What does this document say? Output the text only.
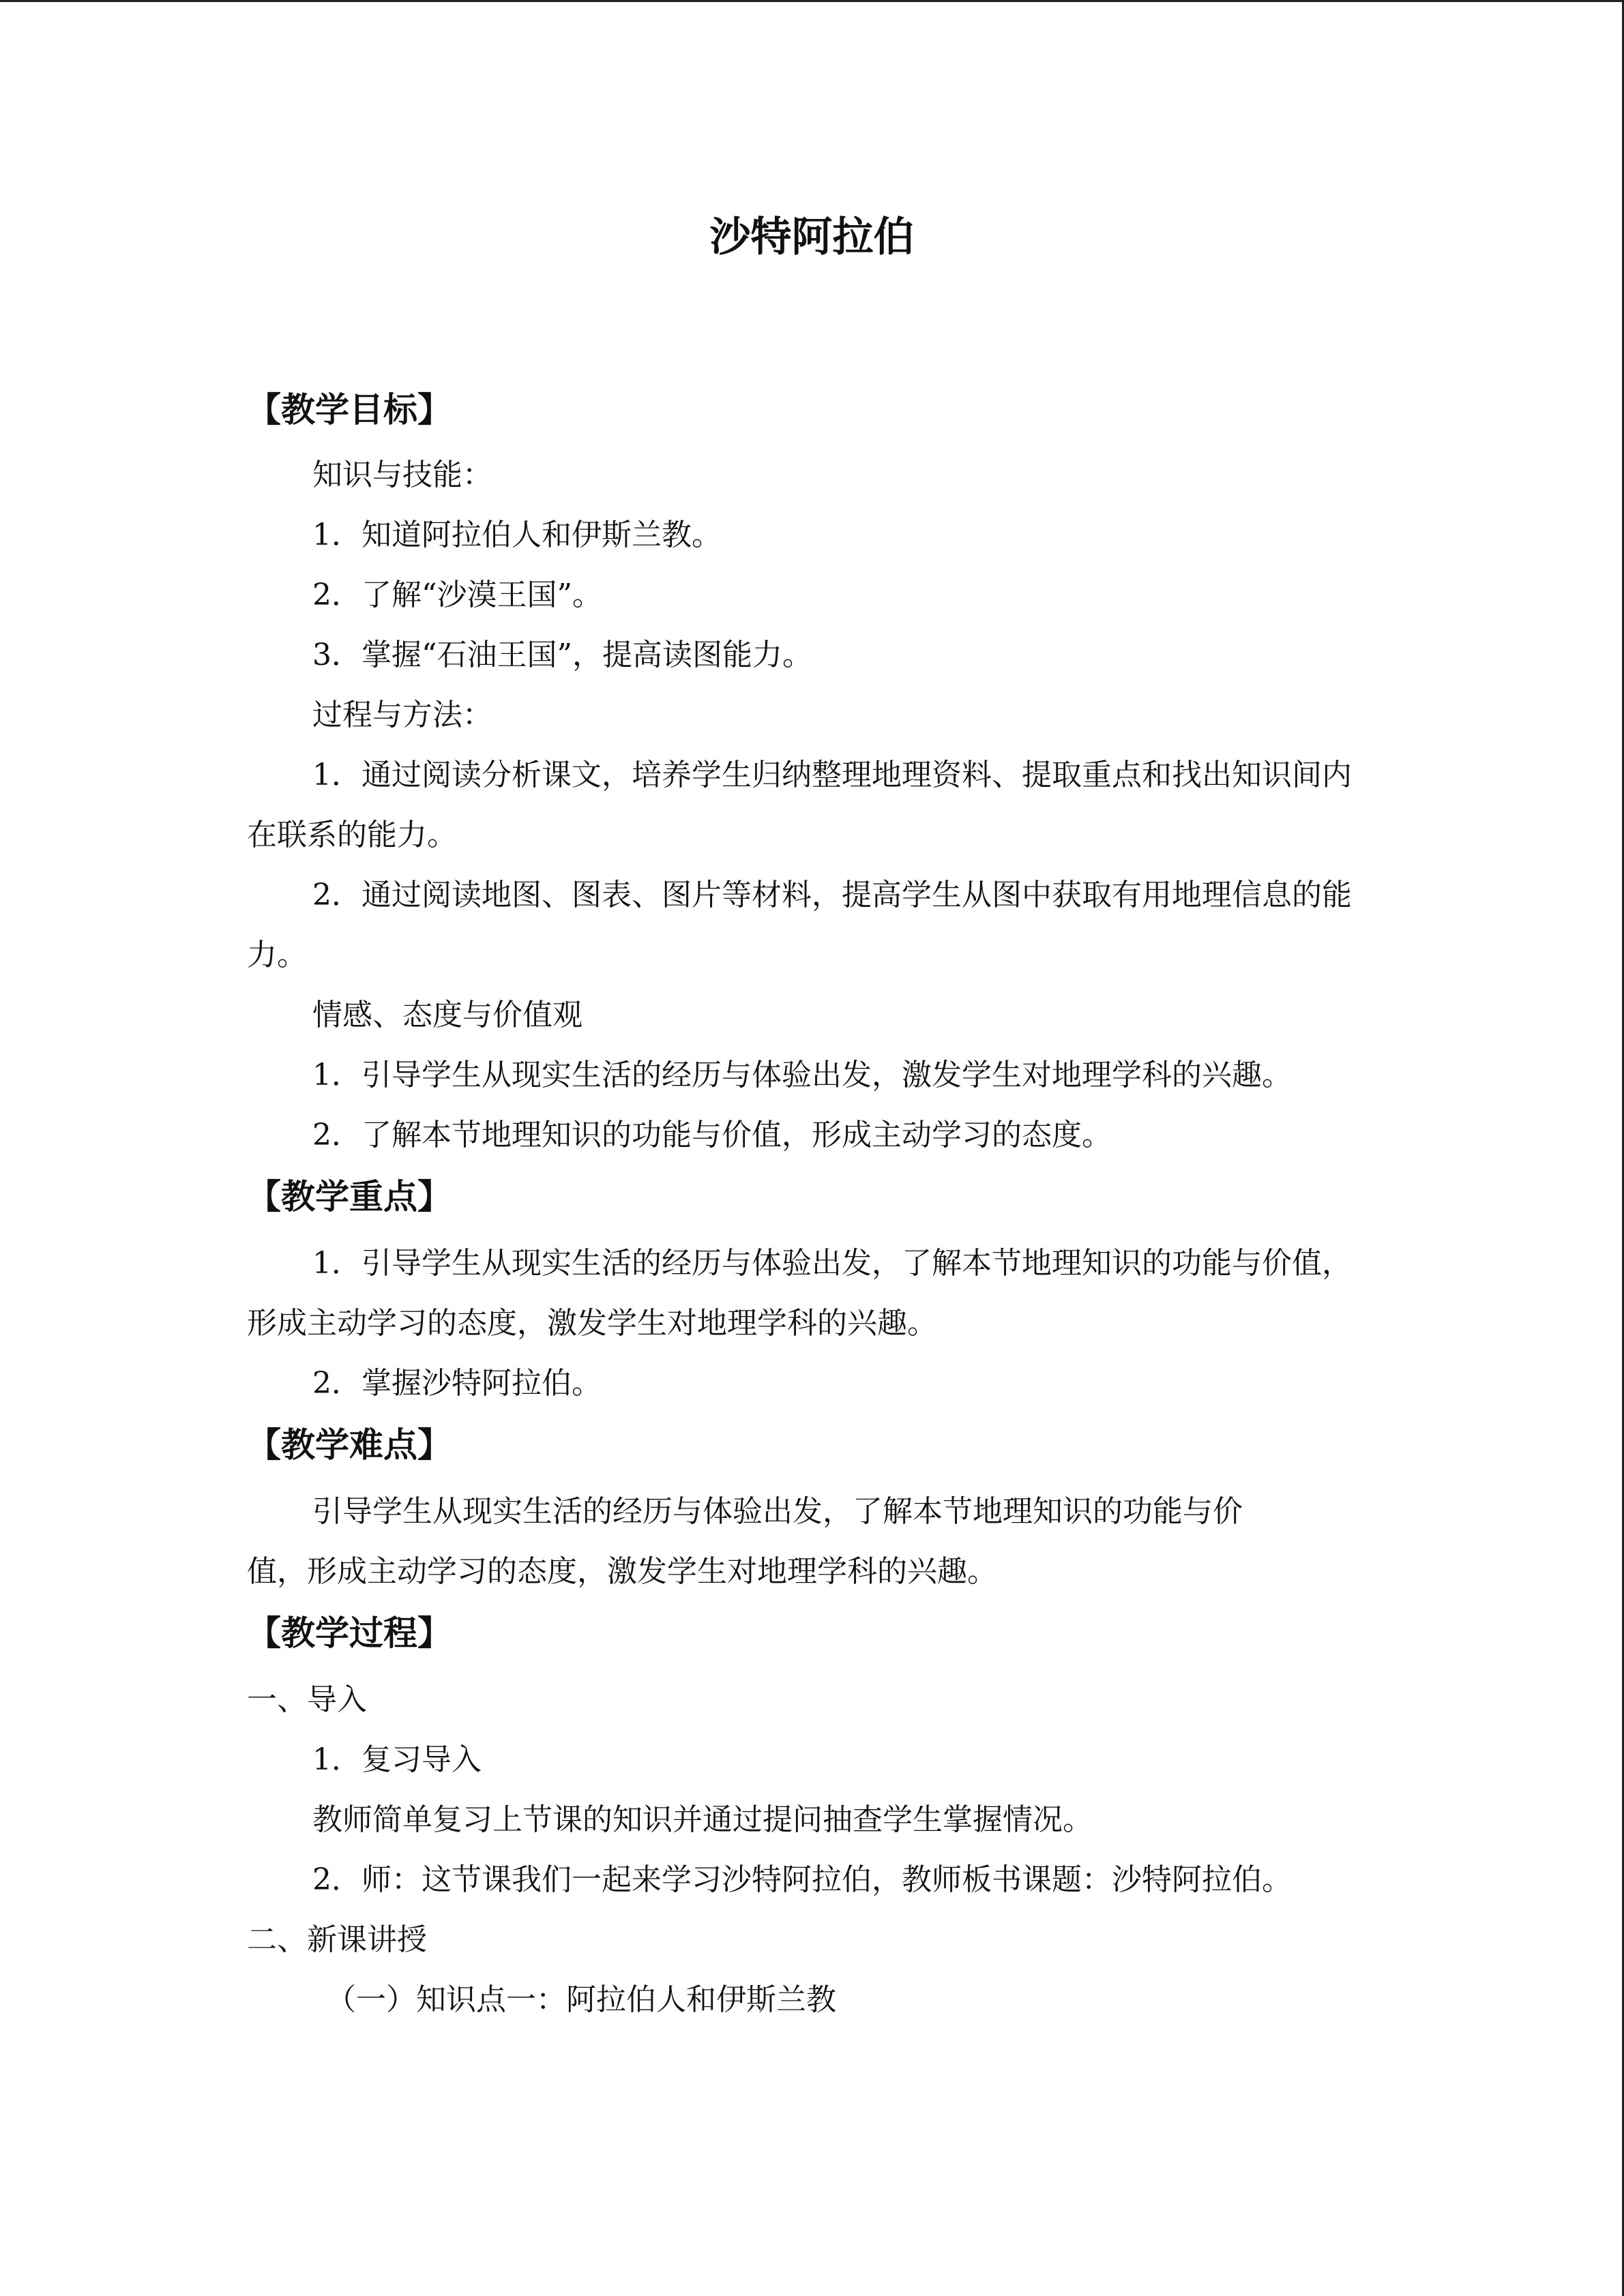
沙特阿拉伯
【教学目标】

知识与技能：

1．知道阿拉伯人和伊斯兰教。

2．了解“沙漠王国”。

3．掌握“石油王国”，提高读图能力。

过程与方法：

1．通过阅读分析课文，培养学生归纳整理地理资料、提取重点和找出知识间内在联系的能力。

2．通过阅读地图、图表、图片等材料，提高学生从图中获取有用地理信息的能力。

情感、态度与价值观

1．引导学生从现实生活的经历与体验出发，激发学生对地理学科的兴趣。

2．了解本节地理知识的功能与价值，形成主动学习的态度。

【教学重点】

1．引导学生从现实生活的经历与体验出发，了解本节地理知识的功能与价值，形成主动学习的态度，激发学生对地理学科的兴趣。

2．掌握沙特阿拉伯。

【教学难点】

引导学生从现实生活的经历与体验出发，了解本节地理知识的功能与价

值，形成主动学习的态度，激发学生对地理学科的兴趣。

【教学过程】

一、导入

1．复习导入

教师简单复习上节课的知识并通过提问抽查学生掌握情况。

2．师：这节课我们一起来学习沙特阿拉伯，教师板书课题：沙特阿拉伯。

二、新课讲授

（一）知识点一：阿拉伯人和伊斯兰教
